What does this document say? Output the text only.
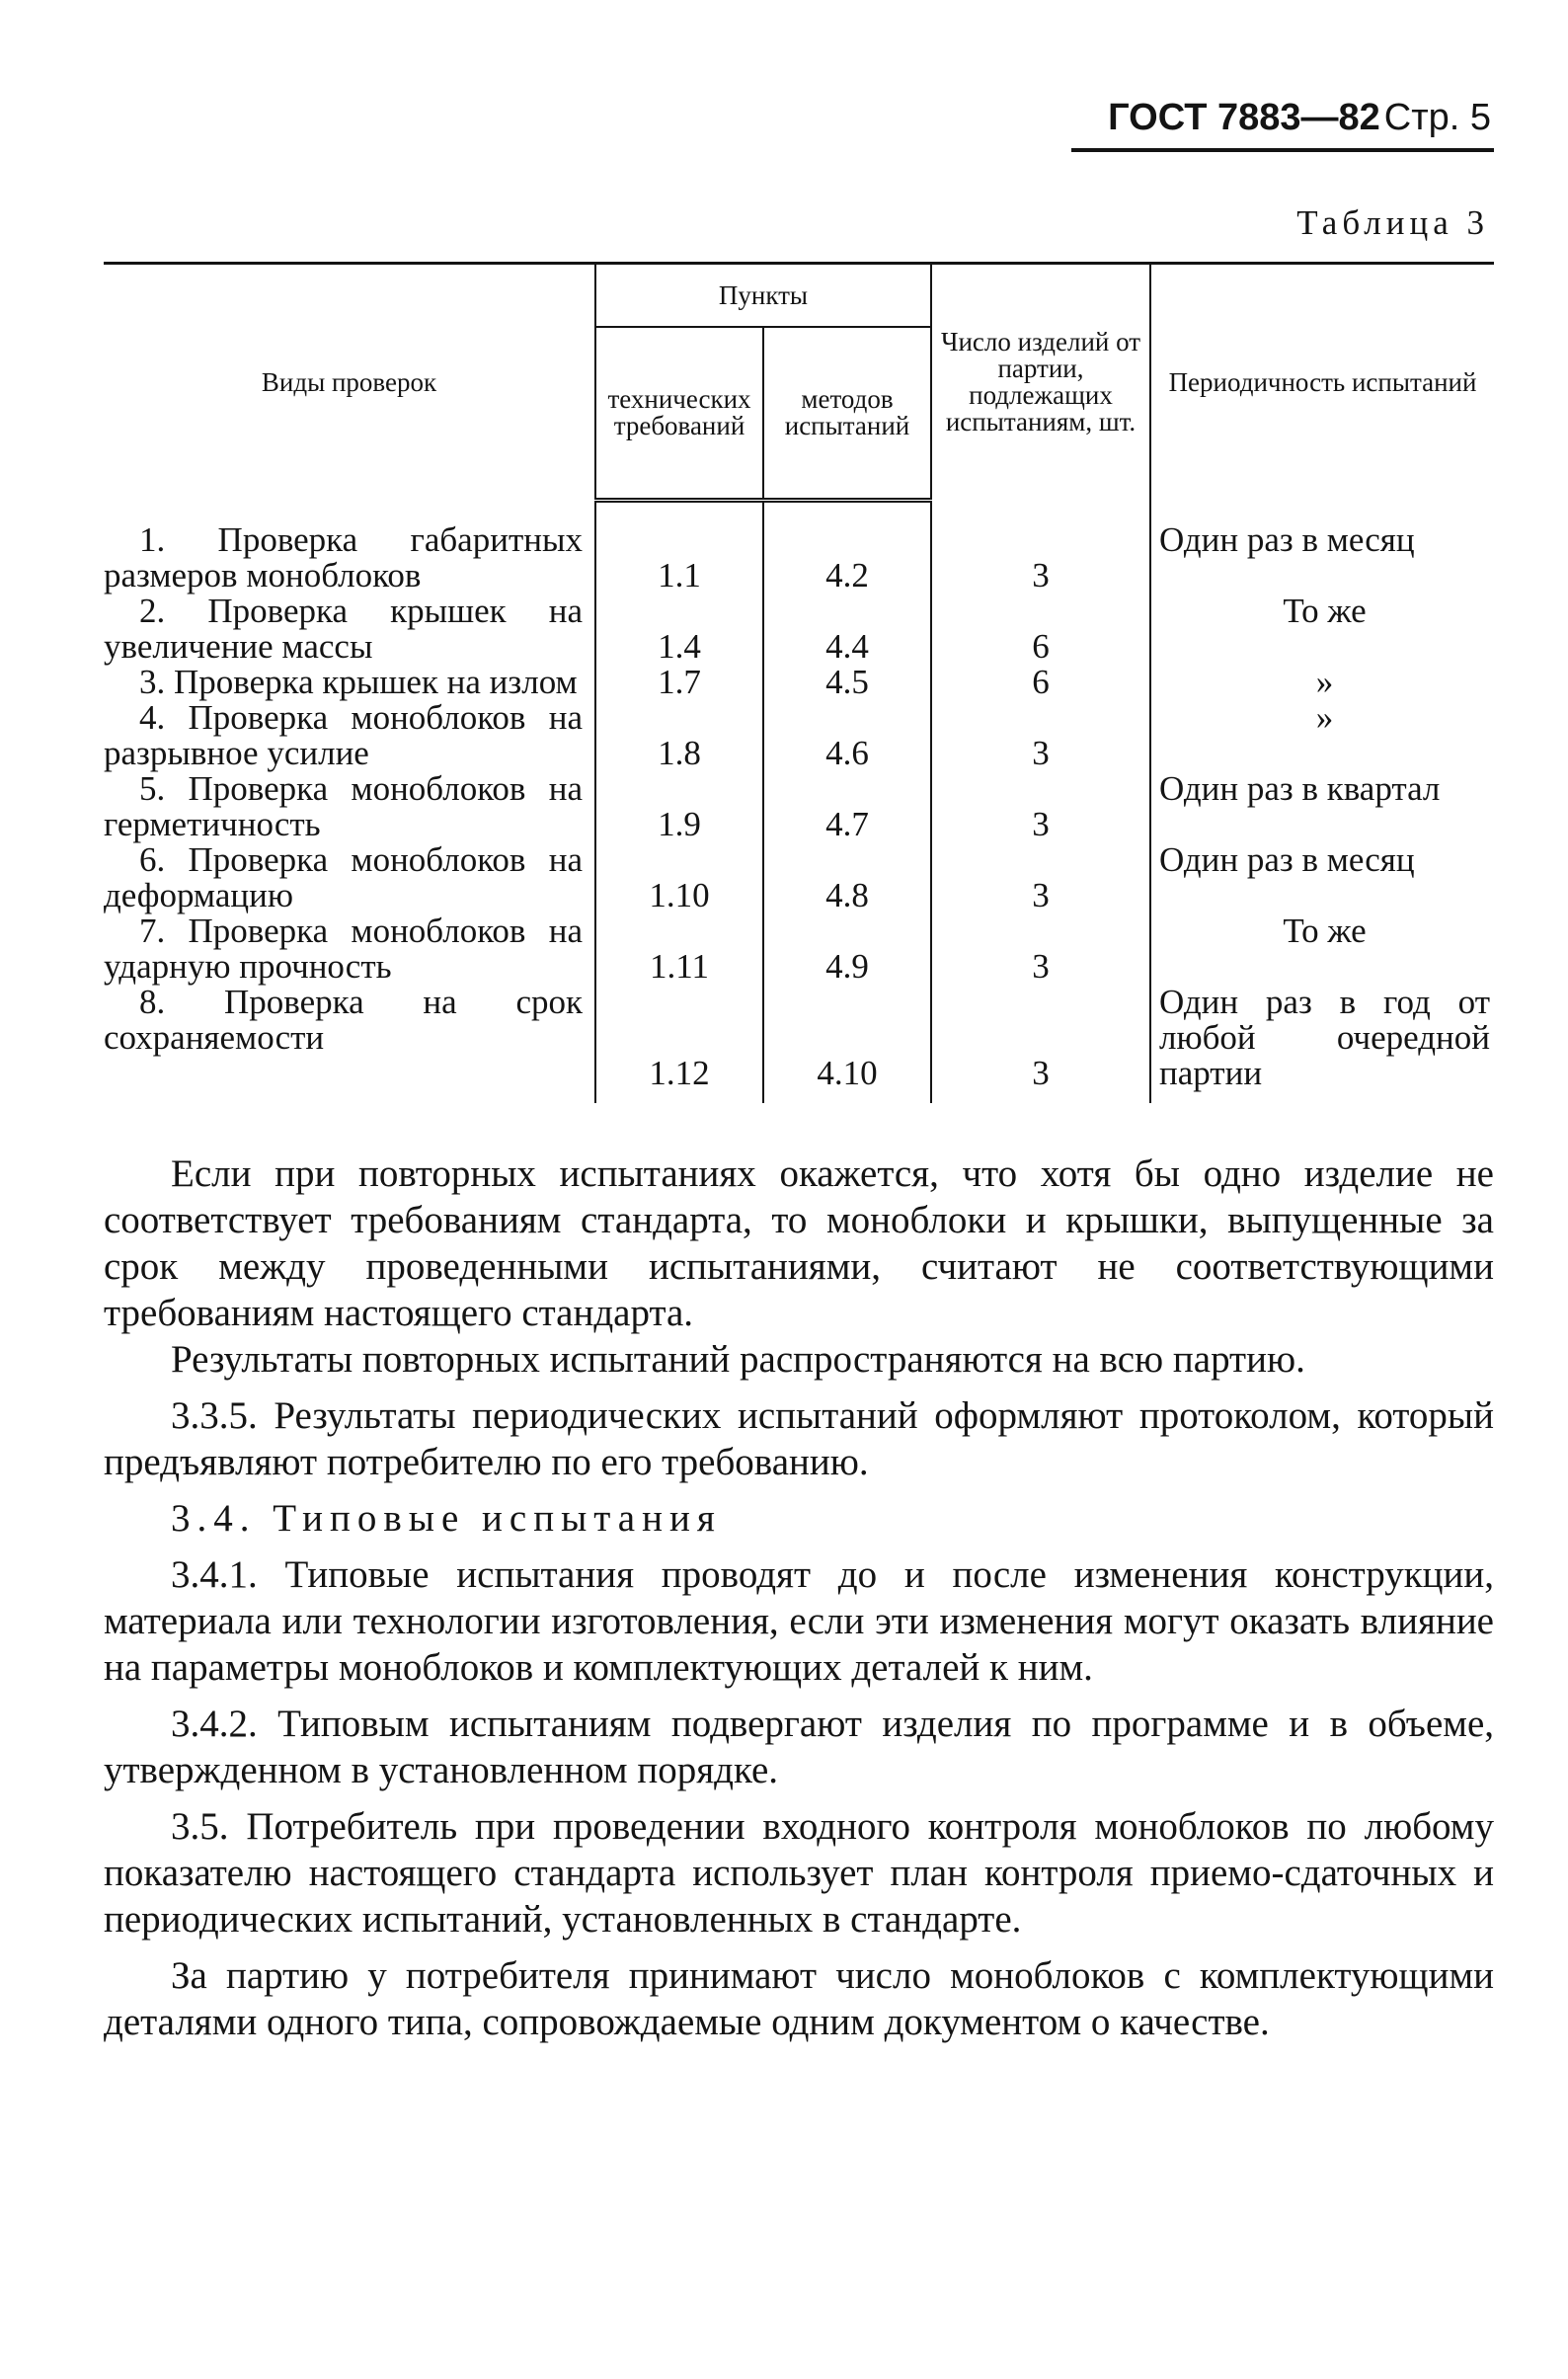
ГОСТ 7883—82 Стр. 5
Таблица 3
Виды проверок	Пункты		Число изделий от партии, подлежащих испытаниям, шт.	Периодичность испытаний
	технических требований	методов испытаний		
1. Проверка габаритных размеров моноблоков	1.1	4.2	3	Один раз в месяц
2. Проверка крышек на увеличение массы	1.4	4.4	6	То же
3. Проверка крышек на излом	1.7	4.5	6	»
4. Проверка моноблоков на разрывное усилие	1.8	4.6	3	»
5. Проверка моноблоков на герметичность	1.9	4.7	3	Один раз в квартал
6. Проверка моноблоков на деформацию	1.10	4.8	3	Один раз в месяц
7. Проверка моноблоков на ударную прочность	1.11	4.9	3	То же
8. Проверка на срок сохраняемости	1.12	4.10	3	Один раз в год от любой очередной партии

Если при повторных испытаниях окажется, что хотя бы одно изделие не соответствует требованиям стандарта, то моноблоки и крышки, выпущенные за срок между проведенными испытаниями, считают не соответствующими требованиям настоящего стандарта.

Результаты повторных испытаний распространяются на всю партию.

3.3.5. Результаты периодических испытаний оформляют протоколом, который предъявляют потребителю по его требованию.

3.4. Типовые испытания

3.4.1. Типовые испытания проводят до и после изменения конструкции, материала или технологии изготовления, если эти изменения могут оказать влияние на параметры моноблоков и комплектующих деталей к ним.

3.4.2. Типовым испытаниям подвергают изделия по программе и в объеме, утвержденном в установленном порядке.

3.5. Потребитель при проведении входного контроля моноблоков по любому показателю настоящего стандарта использует план контроля приемо-сдаточных и периодических испытаний, установленных в стандарте.

За партию у потребителя принимают число моноблоков с комплектующими деталями одного типа, сопровождаемые одним документом о качестве.
